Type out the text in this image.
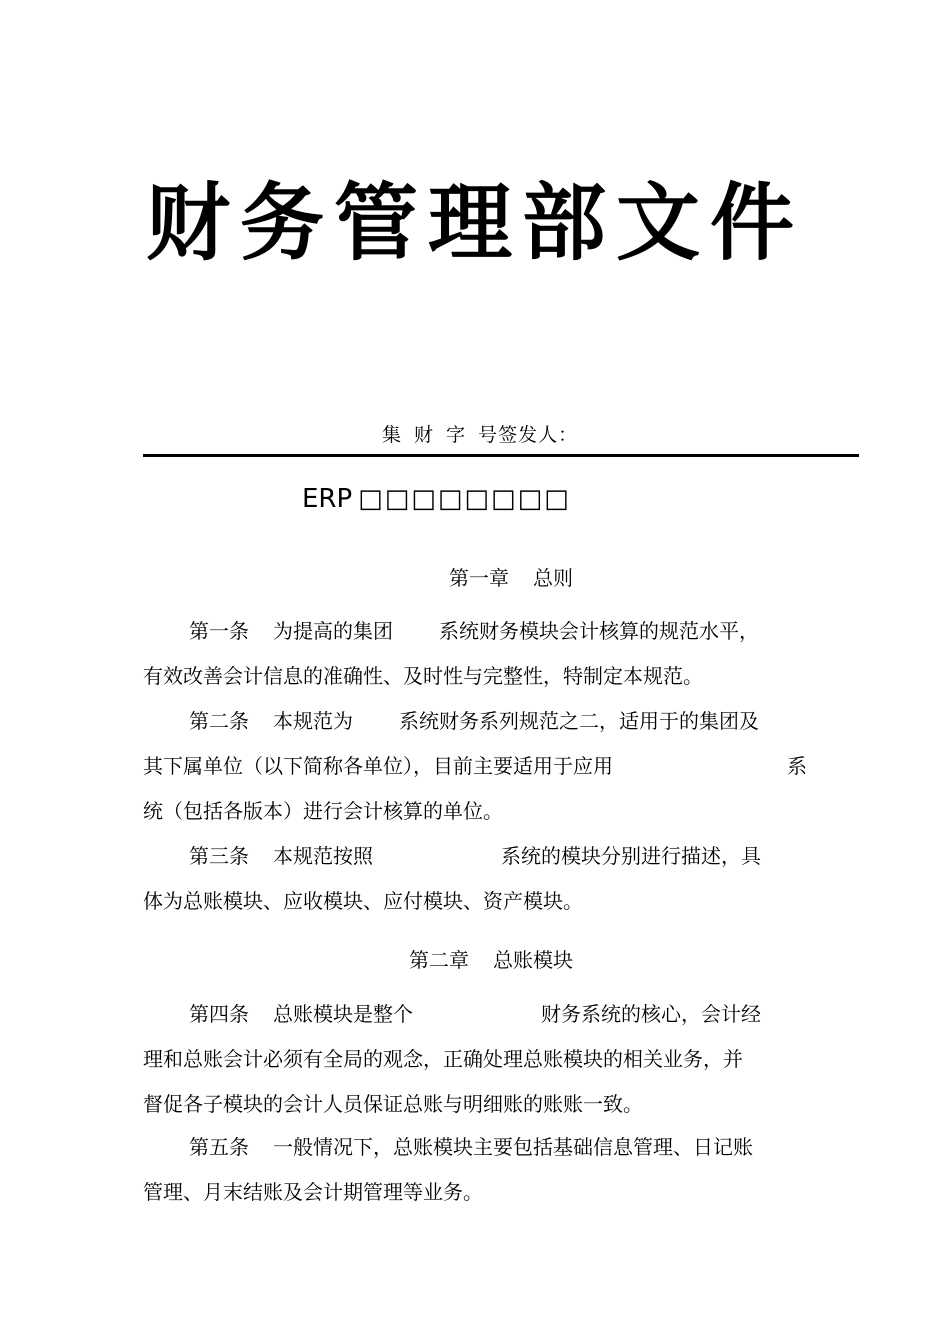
财务管理部文件
集 财 字 号签发人：
ERP □□□□□□□□
第一章 总则
第一条 为提高的集团 系统财务模块会计核算的规范水平，
有效改善会计信息的准确性、及时性与完整性，特制定本规范。
第二条 本规范为 系统财务系列规范之二，适用于的集团及
其下属单位（以下简称各单位），目前主要适用于应用	系
统（包括各版本）进行会计核算的单位。
第三条 本规范按照	系统的模块分别进行描述，具
体为总账模块、应收模块、应付模块、资产模块。
第二章 总账模块
第四条 总账模块是整个	财务系统的核心，会计经
理和总账会计必须有全局的观念，正确处理总账模块的相关业务，并
督促各子模块的会计人员保证总账与明细账的账账一致。
第五条 一般情况下，总账模块主要包括基础信息管理、日记账
管理、月末结账及会计期管理等业务。
